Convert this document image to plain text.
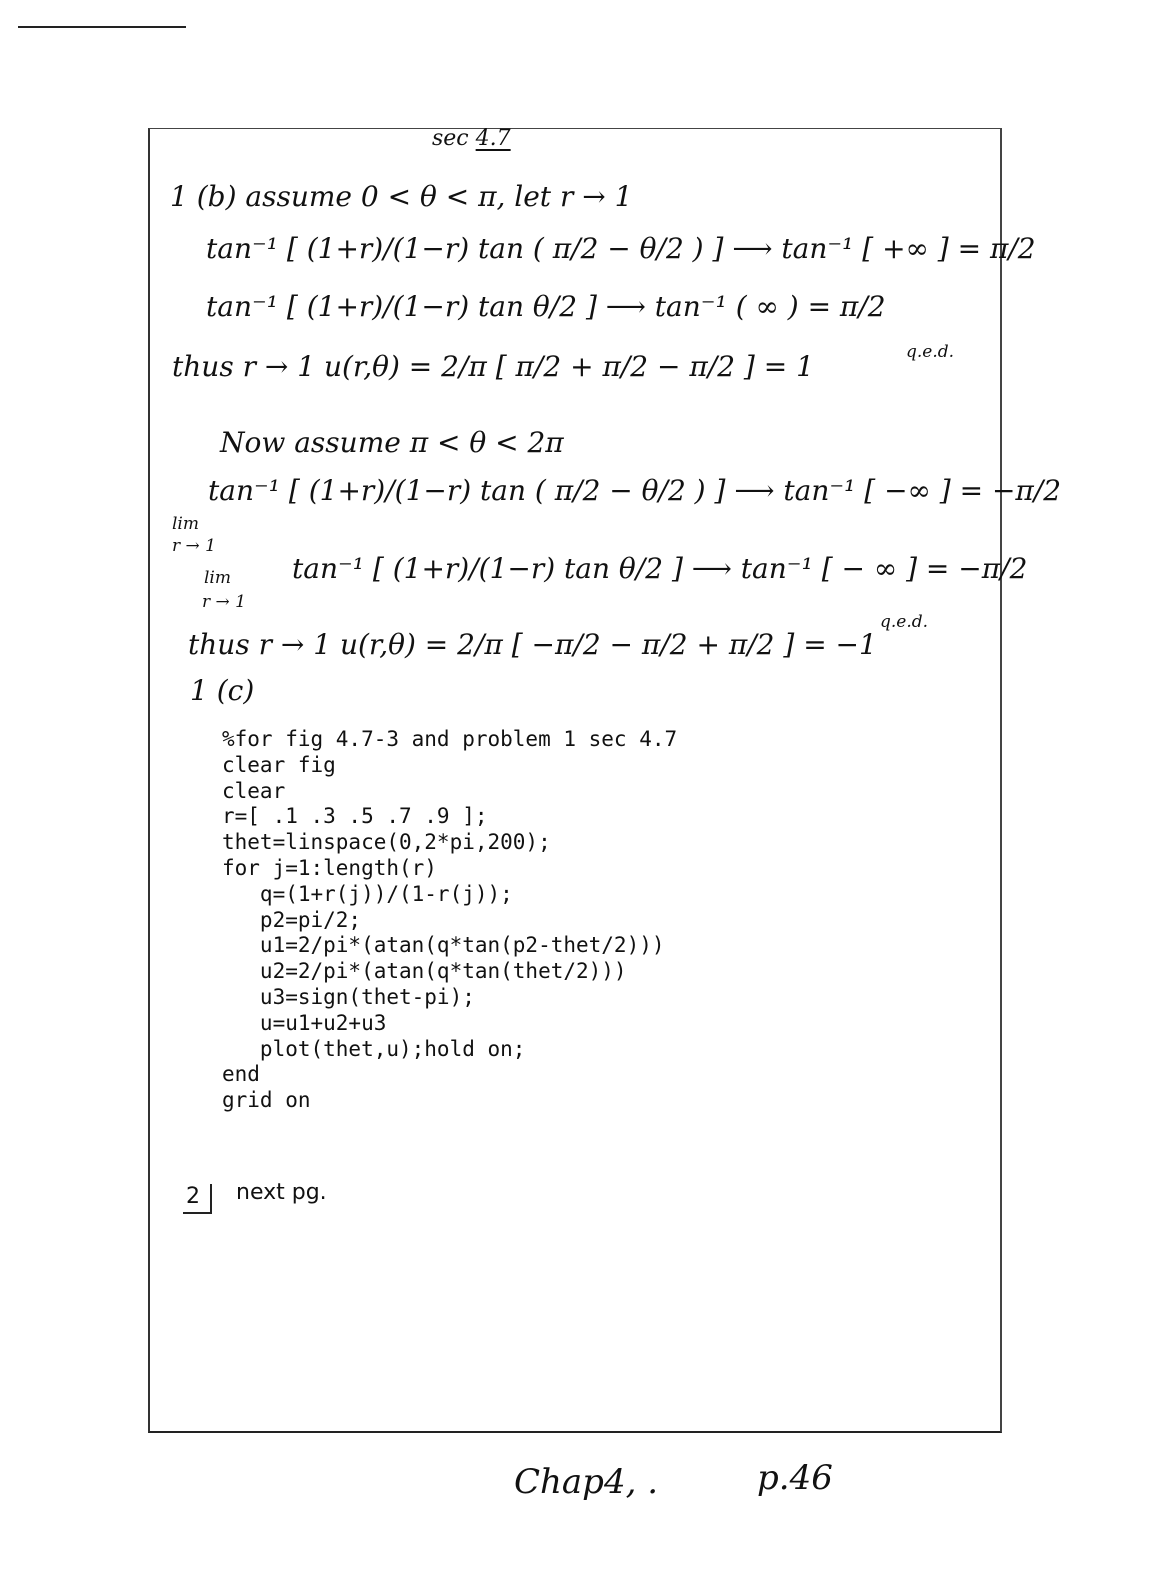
sec 4.7
1 (b) assume 0 < θ < π, let r → 1
tan⁻¹ [ (1+r)/(1−r) tan ( π/2 − θ/2 ) ] ⟶ tan⁻¹ [ +∞ ] = π/2
tan⁻¹ [ (1+r)/(1−r) tan θ/2 ] ⟶ tan⁻¹ ( ∞ ) = π/2
thus r → 1 u(r,θ) = 2/π [ π/2 + π/2 − π/2 ] = 1	q.e.d.
Now assume π < θ < 2π
lim
r → 1
tan⁻¹ [ (1+r)/(1−r) tan ( π/2 − θ/2 ) ] ⟶ tan⁻¹ [ −∞ ] = −π/2
lim
r → 1
tan⁻¹ [ (1+r)/(1−r) tan θ/2 ] ⟶ tan⁻¹ [ − ∞ ] = −π/2
thus r → 1 u(r,θ) = 2/π [ −π/2 − π/2 + π/2 ] = −1
q.e.d.
1 (c)
%for fig 4.7-3 and problem 1 sec 4.7
clear fig
clear
r=[ .1 .3 .5 .7 .9 ];
thet=linspace(0,2*pi,200);
for j=1:length(r)
q=(1+r(j))/(1-r(j));
p2=pi/2;
u1=2/pi*(atan(q*tan(p2-thet/2)))
u2=2/pi*(atan(q*tan(thet/2)))
u3=sign(thet-pi);
u=u1+u2+u3
plot(thet,u);hold on;
end
grid on
2 next pg.
Chap4, .	p.46
